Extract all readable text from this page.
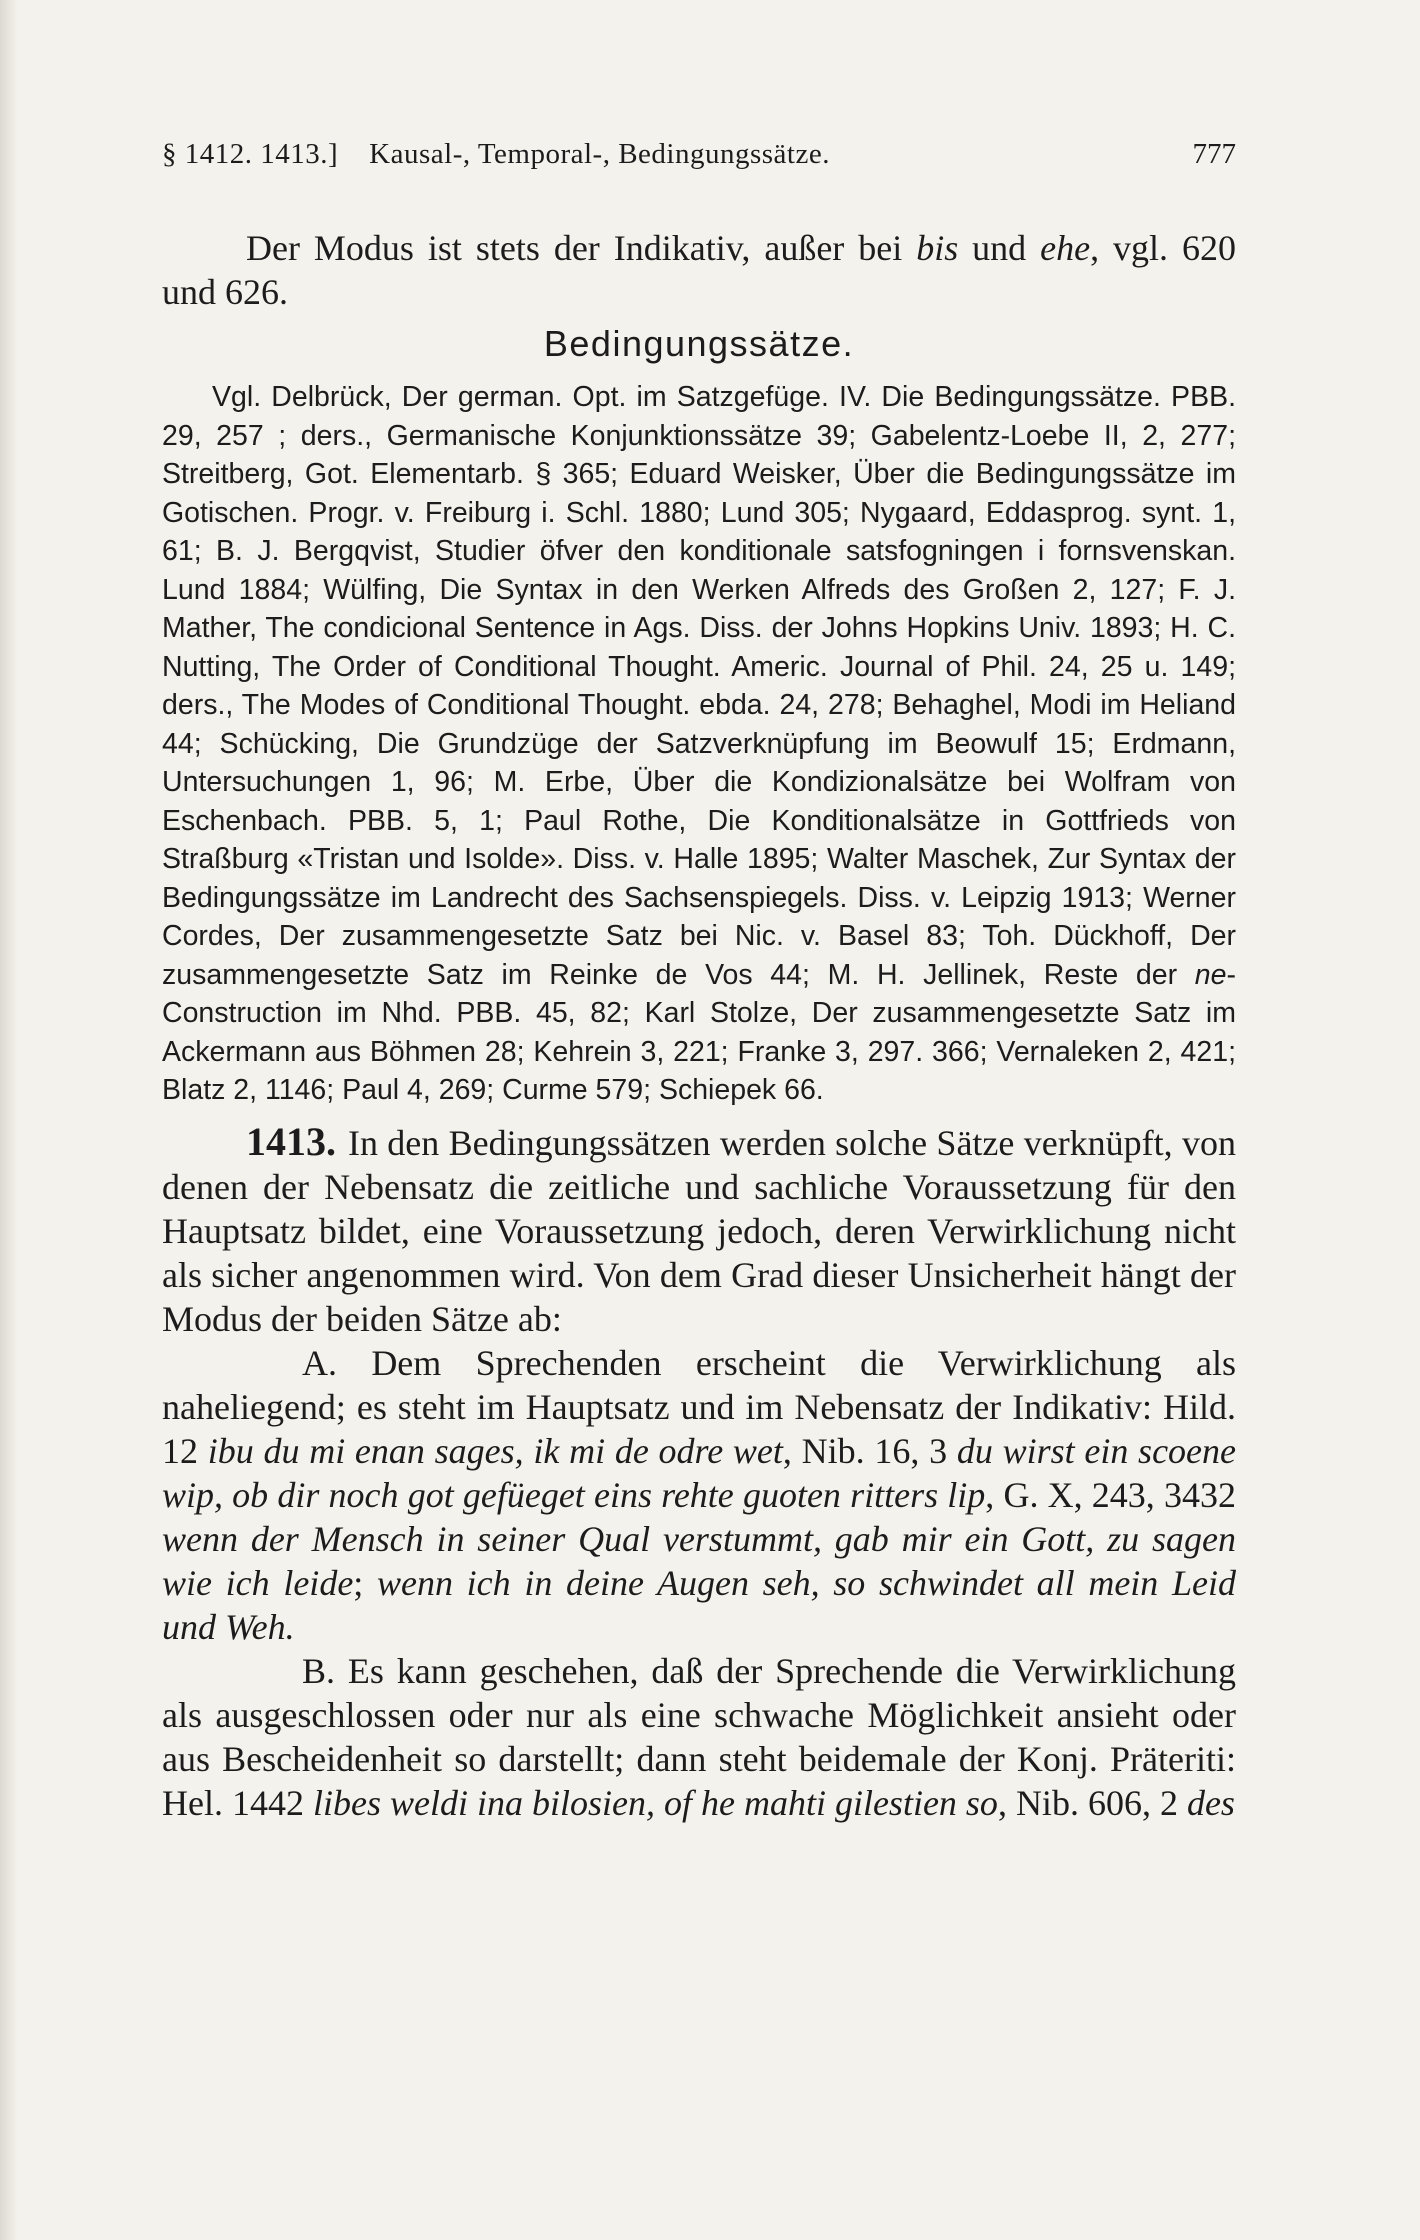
§ 1412. 1413.] Kausal-, Temporal-, Bedingungssätze.	777

Der Modus ist stets der Indikativ, außer bei bis und ehe, vgl. 620 und 626.

Bedingungssätze.

Vgl. Delbrück, Der german. Opt. im Satzgefüge. IV. Die Bedingungssätze. PBB. 29, 257 ; ders., Germanische Konjunktionssätze 39; Gabelentz-Loebe II, 2, 277; Streitberg, Got. Elementarb. § 365; Eduard Weisker, Über die Bedingungssätze im Gotischen. Progr. v. Freiburg i. Schl. 1880; Lund 305; Nygaard, Eddasprog. synt. 1, 61; B. J. Bergqvist, Studier öfver den konditionale satsfogningen i fornsvenskan. Lund 1884; Wülfing, Die Syntax in den Werken Alfreds des Großen 2, 127; F. J. Mather, The condicional Sentence in Ags. Diss. der Johns Hopkins Univ. 1893; H. C. Nutting, The Order of Conditional Thought. Americ. Journal of Phil. 24, 25 u. 149; ders., The Modes of Conditional Thought. ebda. 24, 278; Behaghel, Modi im Heliand 44; Schücking, Die Grundzüge der Satzverknüpfung im Beowulf 15; Erdmann, Untersuchungen 1, 96; M. Erbe, Über die Kondizionalsätze bei Wolfram von Eschenbach. PBB. 5, 1; Paul Rothe, Die Konditionalsätze in Gottfrieds von Straßburg «Tristan und Isolde». Diss. v. Halle 1895; Walter Maschek, Zur Syntax der Bedingungssätze im Landrecht des Sachsenspiegels. Diss. v. Leipzig 1913; Werner Cordes, Der zusammengesetzte Satz bei Nic. v. Basel 83; Toh. Dückhoff, Der zusammengesetzte Satz im Reinke de Vos 44; M. H. Jellinek, Reste der ne-Construction im Nhd. PBB. 45, 82; Karl Stolze, Der zusammengesetzte Satz im Ackermann aus Böhmen 28; Kehrein 3, 221; Franke 3, 297. 366; Vernaleken 2, 421; Blatz 2, 1146; Paul 4, 269; Curme 579; Schiepek 66.

1413. In den Bedingungssätzen werden solche Sätze verknüpft, von denen der Nebensatz die zeitliche und sachliche Voraussetzung für den Hauptsatz bildet, eine Voraussetzung jedoch, deren Verwirklichung nicht als sicher angenommen wird. Von dem Grad dieser Unsicherheit hängt der Modus der beiden Sätze ab:

A. Dem Sprechenden erscheint die Verwirklichung als naheliegend; es steht im Hauptsatz und im Nebensatz der Indikativ: Hild. 12 ibu du mi enan sages, ik mi de odre wet, Nib. 16, 3 du wirst ein scoene wip, ob dir noch got gefüeget eins rehte guoten ritters lip, G. X, 243, 3432 wenn der Mensch in seiner Qual verstummt, gab mir ein Gott, zu sagen wie ich leide; wenn ich in deine Augen seh, so schwindet all mein Leid und Weh.

B. Es kann geschehen, daß der Sprechende die Verwirklichung als ausgeschlossen oder nur als eine schwache Möglichkeit ansieht oder aus Bescheidenheit so darstellt; dann steht beidemale der Konj. Präteriti: Hel. 1442 libes weldi ina bilosien, of he mahti gilestien so, Nib. 606, 2 des
